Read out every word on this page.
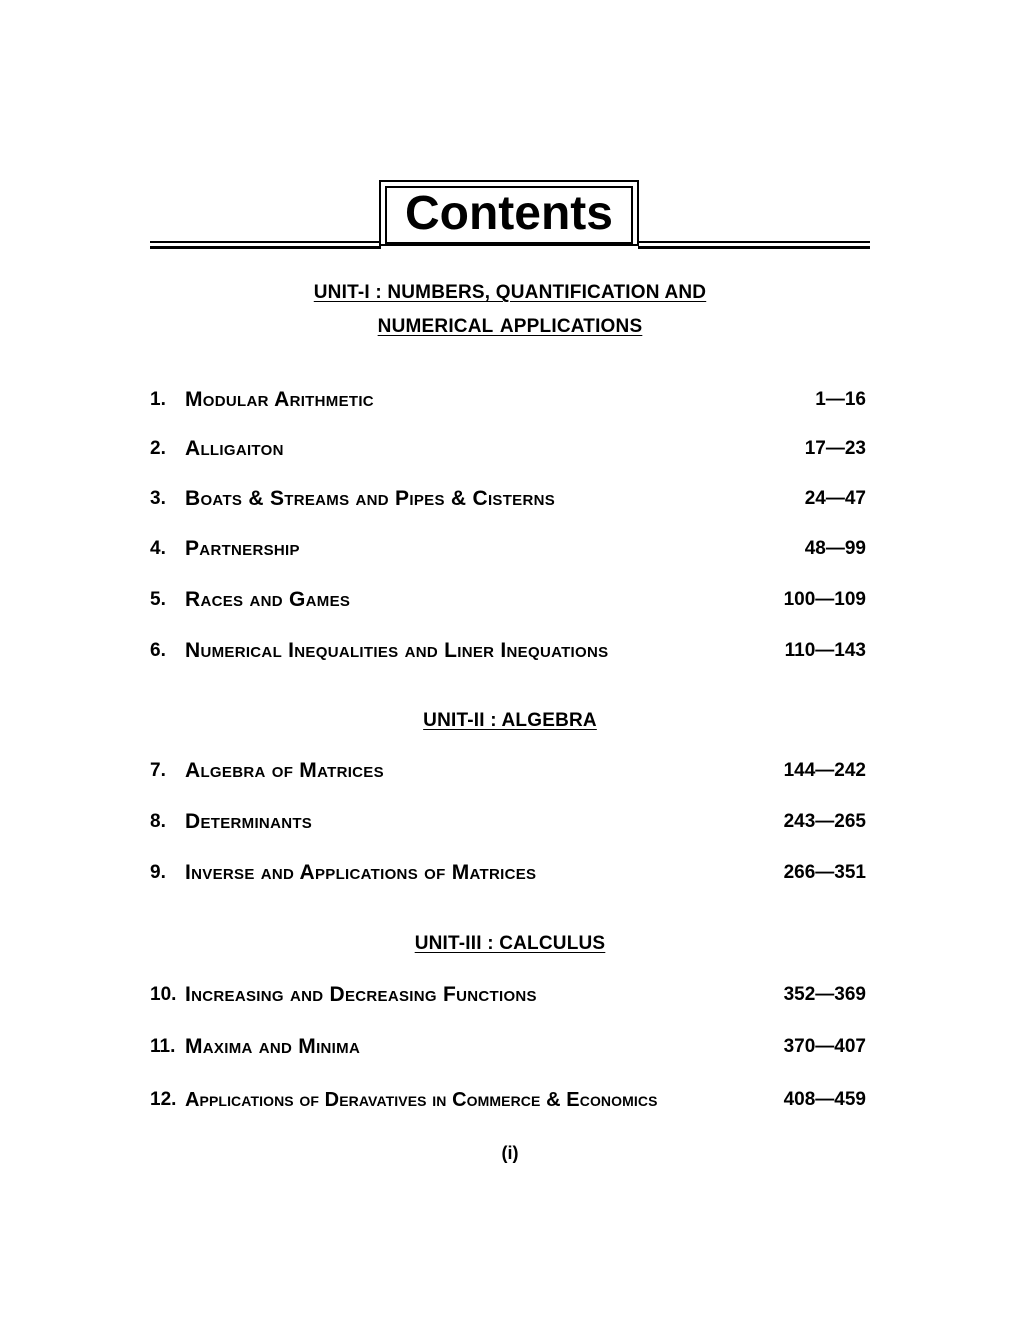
Contents
UNIT-I : NUMBERS, QUANTIFICATION AND
NUMERICAL APPLICATIONS
1. Modular Arithmetic	1—16
2. Alligaiton	17—23
3. Boats & Streams and Pipes & Cisterns	24—47
4. Partnership	48—99
5. Races and Games	100—109
6. Numerical Inequalities and Liner Inequations	110—143
UNIT-II : ALGEBRA
7. Algebra of Matrices	144—242
8. Determinants	243—265
9. Inverse and Applications of Matrices	266—351
UNIT-III : CALCULUS
10. Increasing and Decreasing Functions	352—369
11. Maxima and Minima	370—407
12. Applications of Deravatives in Commerce & Economics	408—459
(i)
